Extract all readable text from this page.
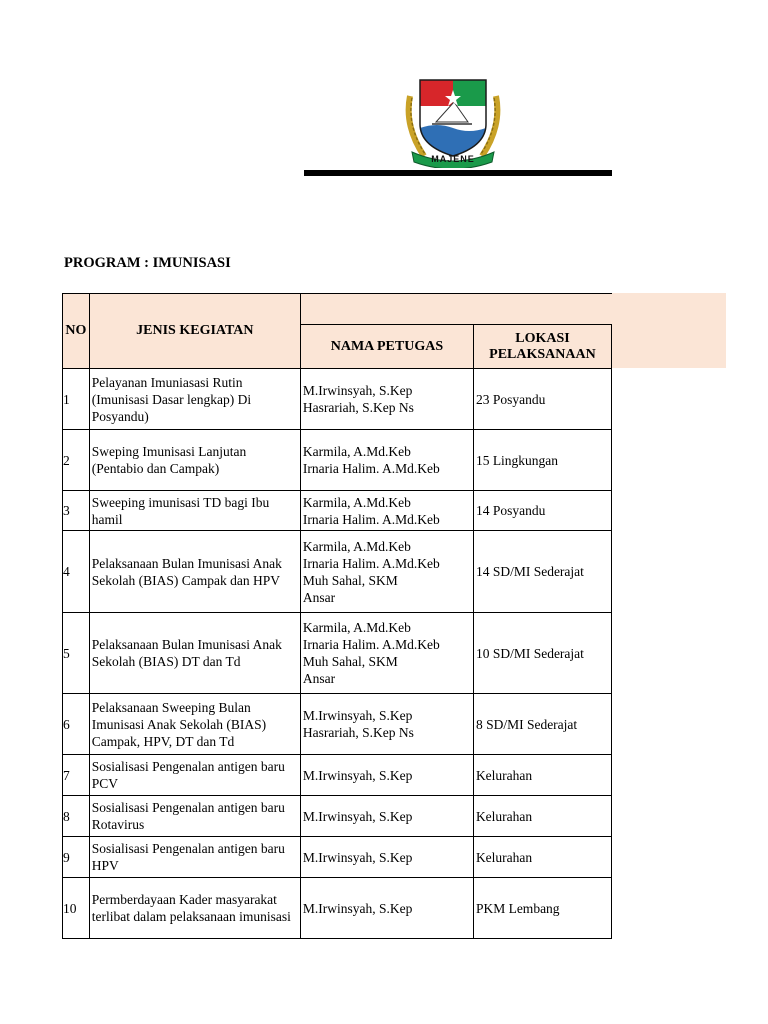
MAJENE
PROGRAM : IMUNISASI
NO	JENIS KEGIATAN		
		NAMA PETUGAS	LOKASI
PELAKSANAAN

1	Pelayanan Imuniasasi Rutin (Imunisasi Dasar lengkap) Di Posyandu)	M.Irwinsyah, S.Kep
Hasrariah, S.Kep Ns	23 Posyandu
2	Sweping Imunisasi Lanjutan (Pentabio dan Campak)	Karmila, A.Md.Keb
Irnaria Halim. A.Md.Keb	15 Lingkungan
3	Sweeping imunisasi TD bagi Ibu hamil	Karmila, A.Md.Keb
Irnaria Halim. A.Md.Keb	14 Posyandu
4	Pelaksanaan Bulan Imunisasi Anak Sekolah (BIAS) Campak dan HPV	Karmila, A.Md.Keb
Irnaria Halim. A.Md.Keb
Muh Sahal, SKM
Ansar	14 SD/MI Sederajat
5	Pelaksanaan Bulan Imunisasi Anak Sekolah (BIAS) DT dan Td	Karmila, A.Md.Keb
Irnaria Halim. A.Md.Keb
Muh Sahal, SKM
Ansar	10 SD/MI Sederajat
6	Pelaksanaan Sweeping Bulan Imunisasi Anak Sekolah (BIAS) Campak, HPV, DT dan Td	M.Irwinsyah, S.Kep
Hasrariah, S.Kep Ns	8 SD/MI Sederajat
7	Sosialisasi Pengenalan antigen baru PCV	M.Irwinsyah, S.Kep	Kelurahan
8	Sosialisasi Pengenalan antigen baru Rotavirus	M.Irwinsyah, S.Kep	Kelurahan
9	Sosialisasi Pengenalan antigen baru HPV	M.Irwinsyah, S.Kep	Kelurahan
10	Permberdayaan Kader masyarakat terlibat dalam pelaksanaan imunisasi	M.Irwinsyah, S.Kep	PKM Lembang
